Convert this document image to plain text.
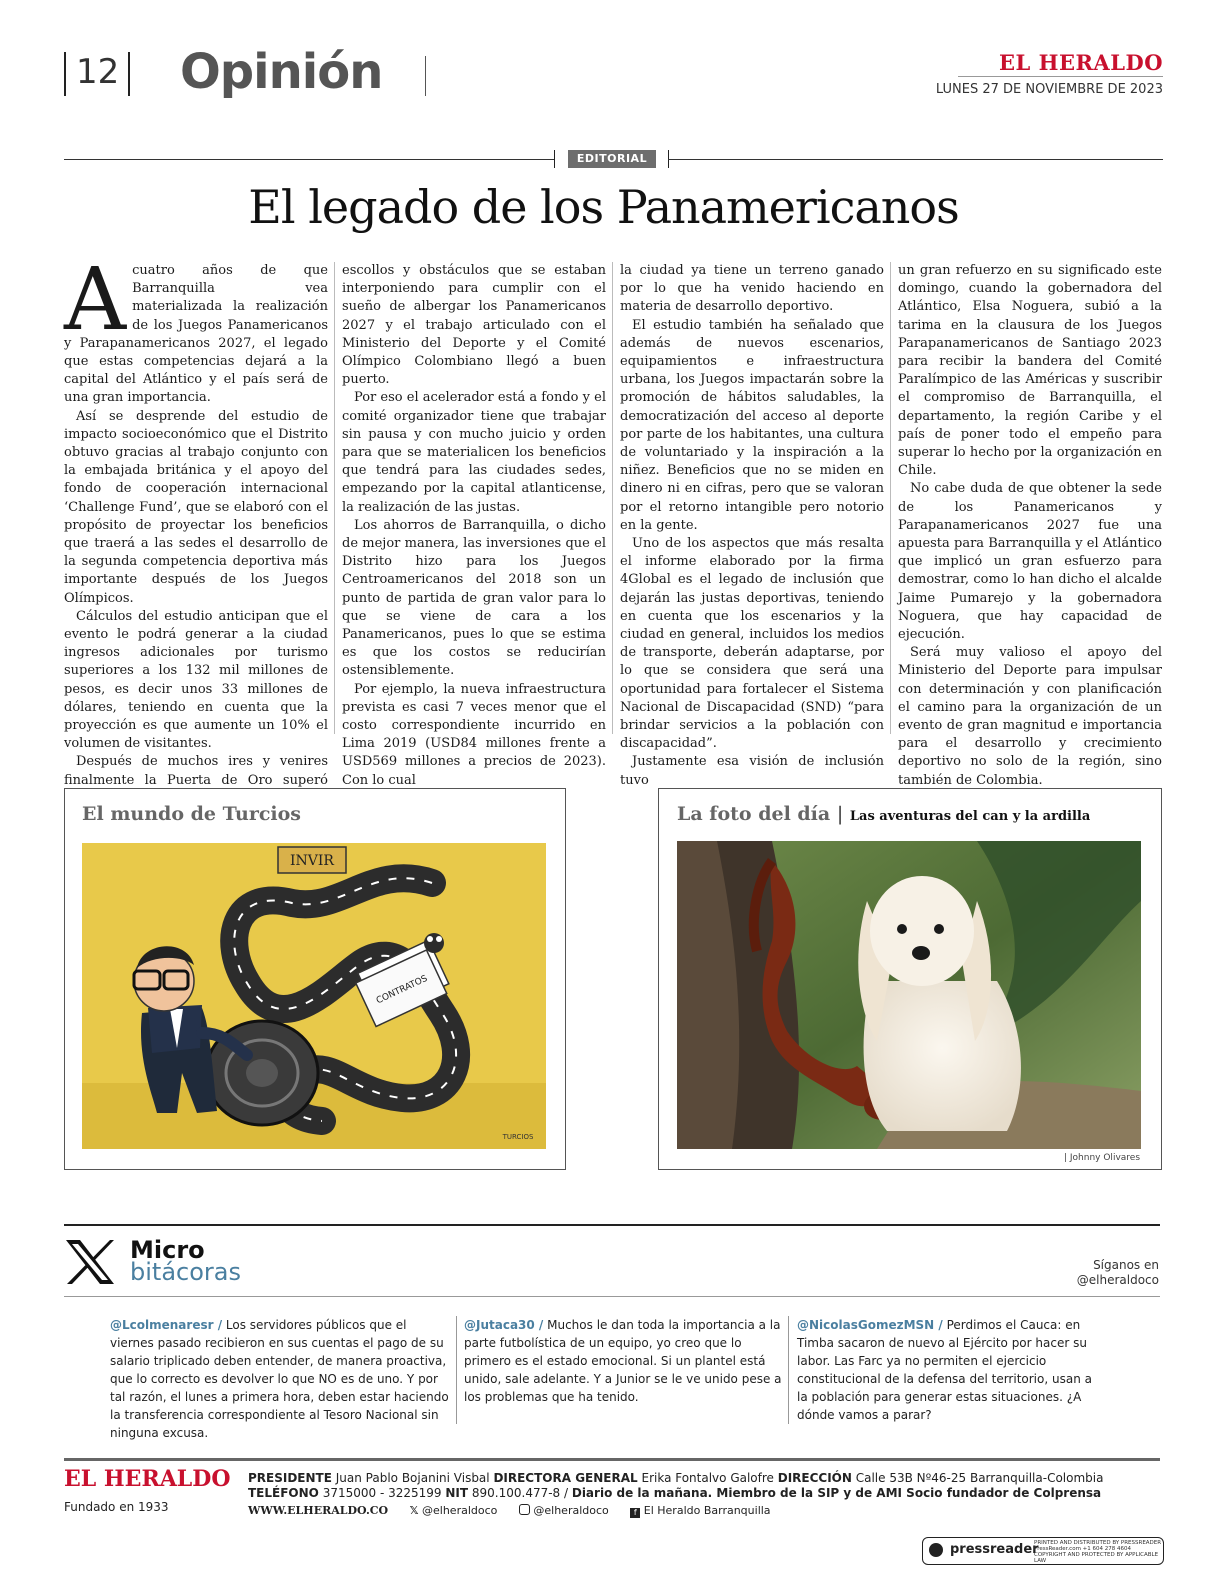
12 Opinión	EL HERALDO
LUNES 27 DE NOVIEMBRE DE 2023
EDITORIAL
El legado de los Panamericanos

A cuatro años de que Barranquilla vea materializada la realización de los Juegos Panamericanos y Parapanamericanos 2027, el legado que estas competencias dejará a la capital del Atlántico y el país será de una gran importancia.

Así se desprende del estudio de impacto socioeconómico que el Distrito obtuvo gracias al trabajo conjunto con la embajada británica y el apoyo del fondo de cooperación internacional ‘Challenge Fund’, que se elaboró con el propósito de proyectar los beneficios que traerá a las sedes el desarrollo de la segunda competencia deportiva más importante después de los Juegos Olímpicos.

Cálculos del estudio anticipan que el evento le podrá generar a la ciudad ingresos adicionales por turismo superiores a los 132 mil millones de pesos, es decir unos 33 millones de dólares, teniendo en cuenta que la proyección es que aumente un 10% el volumen de visitantes.

Después de muchos ires y venires finalmente la Puerta de Oro superó

escollos y obstáculos que se estaban interponiendo para cumplir con el sueño de albergar los Panamericanos 2027 y el trabajo articulado con el Ministerio del Deporte y el Comité Olímpico Colombiano llegó a buen puerto.

Por eso el acelerador está a fondo y el comité organizador tiene que trabajar sin pausa y con mucho juicio y orden para que se materialicen los beneficios que tendrá para las ciudades sedes, empezando por la capital atlanticense, la realización de las justas.

Los ahorros de Barranquilla, o dicho de mejor manera, las inversiones que el Distrito hizo para los Juegos Centroamericanos del 2018 son un punto de partida de gran valor para lo que se viene de cara a los Panamericanos, pues lo que se estima es que los costos se reducirían ostensiblemente.

Por ejemplo, la nueva infraestructura prevista es casi 7 veces menor que el costo correspondiente incurrido en Lima 2019 (USD84 millones frente a USD569 millones a precios de 2023). Con lo cual

la ciudad ya tiene un terreno ganado por lo que ha venido haciendo en materia de desarrollo deportivo.

El estudio también ha señalado que además de nuevos escenarios, equipamientos e infraestructura urbana, los Juegos impactarán sobre la promoción de hábitos saludables, la democratización del acceso al deporte por parte de los habitantes, una cultura de voluntariado y la inspiración a la niñez. Beneficios que no se miden en dinero ni en cifras, pero que se valoran por el retorno intangible pero notorio en la gente.

Uno de los aspectos que más resalta el informe elaborado por la firma 4Global es el legado de inclusión que dejarán las justas deportivas, teniendo en cuenta que los escenarios y la ciudad en general, incluidos los medios de transporte, deberán adaptarse, por lo que se considera que será una oportunidad para fortalecer el Sistema Nacional de Discapacidad (SND) “para brindar servicios a la población con discapacidad”.

Justamente esa visión de inclusión tuvo

un gran refuerzo en su significado este domingo, cuando la gobernadora del Atlántico, Elsa Noguera, subió a la tarima en la clausura de los Juegos Parapanamericanos de Santiago 2023 para recibir la bandera del Comité Paralímpico de las Américas y suscribir el compromiso de Barranquilla, el departamento, la región Caribe y el país de poner todo el empeño para superar lo hecho por la organización en Chile.

No cabe duda de que obtener la sede de los Panamericanos y Parapanamericanos 2027 fue una apuesta para Barranquilla y el Atlántico que implicó un gran esfuerzo para demostrar, como lo han dicho el alcalde Jaime Pumarejo y la gobernadora Noguera, que hay capacidad de ejecución.

Será muy valioso el apoyo del Ministerio del Deporte para impulsar con determinación y con planificación el camino para la organización de un evento de gran magnitud e importancia para el desarrollo y crecimiento deportivo no solo de la región, sino también de Colombia.

El mundo de Turcios
INVIR
CONTRATOS
TURCIOS
La foto del día | Las aventuras del can y la ardilla
| Johnny Olivares
Micro
bitácoras	Síganos en
@elheraldoco
@Lcolmenaresr / Los servidores públicos que el viernes pasado recibieron en sus cuentas el pago de su salario triplicado deben entender, de manera proactiva, que lo correcto es devolver lo que NO es de uno. Y por tal razón, el lunes a primera hora, deben estar haciendo la transferencia correspondiente al Tesoro Nacional sin ninguna excusa.
@Jutaca30 / Muchos le dan toda la importancia a la parte futbolística de un equipo, yo creo que lo primero es el estado emocional. Si un plantel está unido, sale adelante. Y a Junior se le ve unido pese a los problemas que ha tenido.
@NicolasGomezMSN / Perdimos el Cauca: en Timba sacaron de nuevo al Ejército por hacer su labor. Las Farc ya no permiten el ejercicio constitucional de la defensa del territorio, usan a la población para generar estas situaciones. ¿A dónde vamos a parar?
EL HERALDO
Fundado en 1933
PRESIDENTE Juan Pablo Bojanini Visbal DIRECTORA GENERAL Erika Fontalvo Galofre DIRECCIÓN Calle 53B Nº46-25 Barranquilla-Colombia
TELÉFONO 3715000 - 3225199 NIT 890.100.477-8 / Diario de la mañana. Miembro de la SIP y de AMI Socio fundador de Colprensa
WWW.ELHERALDO.CO 𝕏 @elheraldoco	@elheraldoco	f El Heraldo Barranquilla
pressreader
PRINTED AND DISTRIBUTED BY PRESSREADER PressReader.com +1 604 278 4604 COPYRIGHT AND PROTECTED BY APPLICABLE LAW
